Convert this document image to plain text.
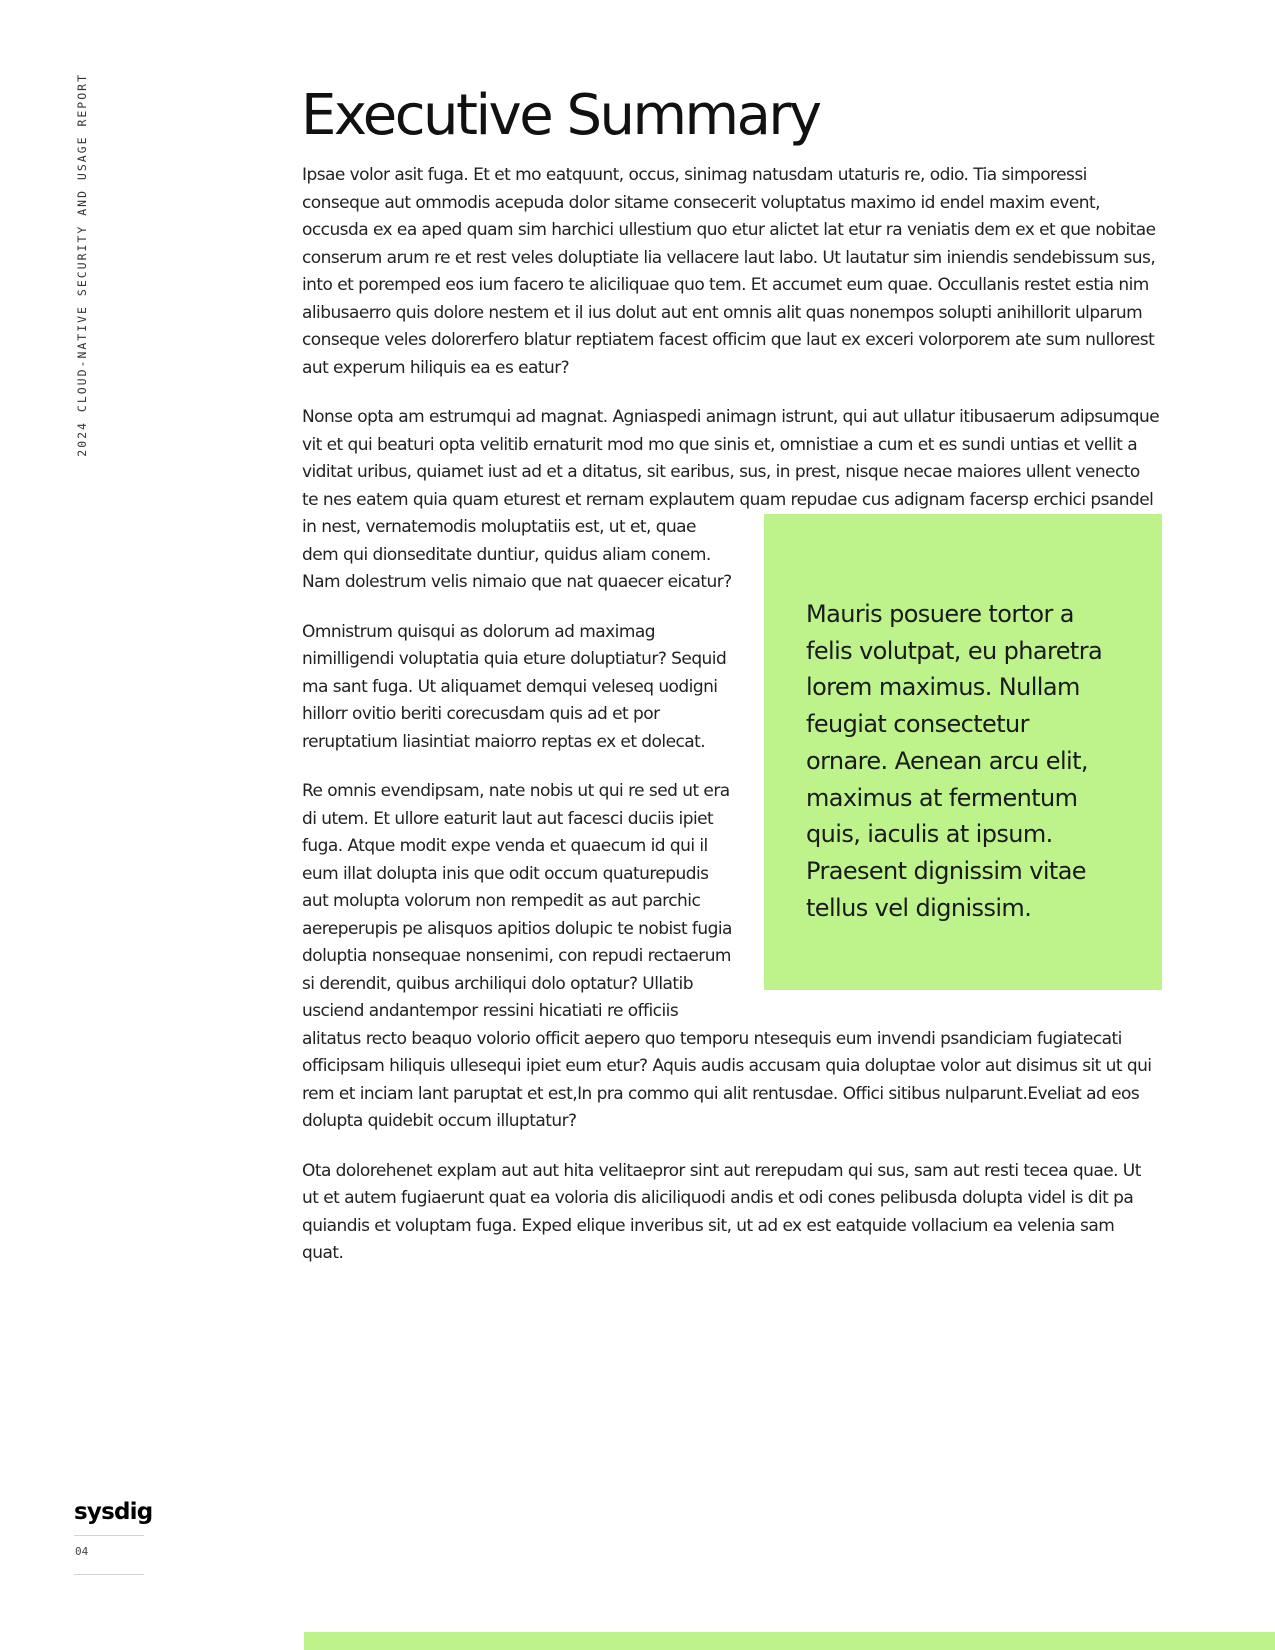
2024 CLOUD-NATIVE SECURITY AND USAGE REPORT	Executive Summary

Ipsae volor asit fuga. Et et mo eatquunt, occus, sinimag natusdam utaturis re, odio. Tia simporessi conseque aut ommodis acepuda dolor sitame consecerit voluptatus maximo id endel maxim event, occusda ex ea aped quam sim harchici ullestium quo etur alictet lat etur ra veniatis dem ex et que nobitae conserum arum re et rest veles doluptiate lia vellacere laut labo. Ut lautatur sim iniendis sendebissum sus, into et poremped eos ium facero te aliciliquae quo tem. Et accumet eum quae. Occullanis restet estia nim alibusaerro quis dolore nestem et il ius dolut aut ent omnis alit quas nonempos solupti anihillorit ulparum conseque veles dolorerfero blatur reptiatem facest officim que laut ex exceri volorporem ate sum nullorest aut experum hiliquis ea es eatur?

Nonse opta am estrumqui ad magnat. Agniaspedi animagn istrunt, qui aut ullatur itibusaerum adipsumque vit et qui beaturi opta velitib ernaturit mod mo que sinis et, omnistiae a cum et es sundi untias et vellit a viditat uribus, quiamet iust ad et a ditatus, sit earibus, sus, in prest, nisque necae maiores ullent venecto te nes eatem quia quam eturest et rernam explautem quam repudae cus adignam facersp erchici psandel
Mauris posuere tortor a felis volutpat, eu pharetra lorem maximus. Nullam feugiat consectetur ornare. Aenean arcu elit, maximus at fermentum quis, iaculis at ipsum. Praesent dignissim vitae tellus vel dignissim.
in nest, vernatemodis moluptatiis est, ut et, quae dem qui dionseditate duntiur, quidus aliam conem. Nam dolestrum velis nimaio que nat quaecer eicatur?

Omnistrum quisqui as dolorum ad maximag nimilligendi voluptatia quia eture doluptiatur? Sequid ma sant fuga. Ut aliquamet demqui veleseq uodigni hillorr ovitio beriti corecusdam quis ad et por reruptatium liasintiat maiorro reptas ex et dolecat.

Re omnis evendipsam, nate nobis ut qui re sed ut era di utem. Et ullore eaturit laut aut facesci duciis ipiet fuga. Atque modit expe venda et quaecum id qui il eum illat dolupta inis que odit occum quaturepudis aut molupta volorum non rempedit as aut parchic aereperupis pe alisquos apitios dolupic te nobist fugia doluptia nonsequae nonsenimi, con repudi rectaerum si derendit, quibus archiliqui dolo optatur? Ullatib usciend andantempor ressini hicatiati re officiis alitatus recto beaquo volorio officit aepero quo temporu ntesequis eum invendi psandiciam fugiatecati officipsam hiliquis ullesequi ipiet eum etur? Aquis audis accusam quia doluptae volor aut disimus sit ut qui rem et inciam lant paruptat et est,In pra commo qui alit rentusdae. Offici sitibus nulparunt.Eveliat ad eos dolupta quidebit occum illuptatur?

Ota dolorehenet explam aut aut hita velitaepror sint aut rerepudam qui sus, sam aut resti tecea quae. Ut ut et autem fugiaerunt quat ea voloria dis aliciliquodi andis et odi cones pelibusda dolupta videl is dit pa quiandis et voluptam fuga. Exped elique inveribus sit, ut ad ex est eatquide vollacium ea velenia sam quat.

sysdig
04
